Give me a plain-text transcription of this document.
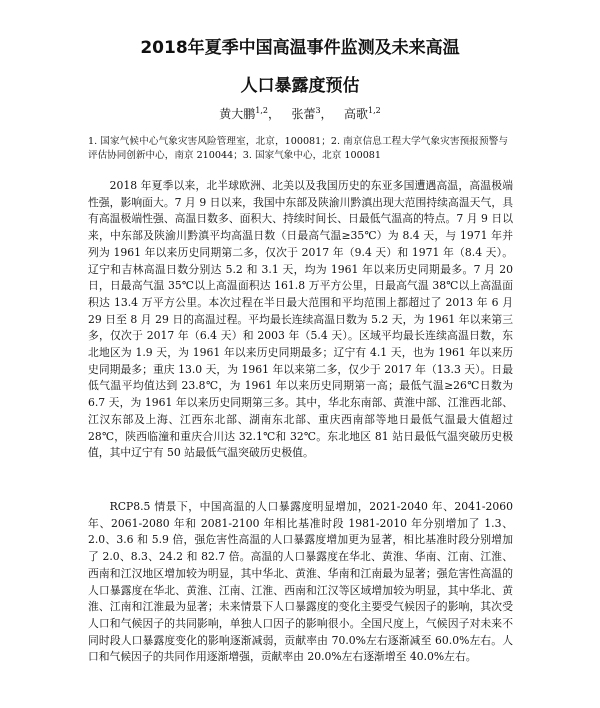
2018年夏季中国高温事件监测及未来高温
人口暴露度预估
黄大鹏$^{1,2}$， 张蕾$^3$， 高歌$^{1,2}$

1. 国家气候中心气象灾害风险管理室，北京，100081；2. 南京信息工程大学气象灾害预报预警与评估协同创新中心，南京 210044；3. 国家气象中心，北京 100081

2018 年夏季以来，北半球欧洲、北美以及我国历史的东亚多国遭遇高温，高温极端性强，影响面大。7 月 9 日以来，我国中东部及陕渝川黔滇出现大范围持续高温天气，具有高温极端性强、高温日数多、面积大、持续时间长、日最低气温高的特点。7 月 9 日以来，中东部及陕渝川黔滇平均高温日数（日最高气温≥35℃）为 8.4 天，与 1971 年并列为 1961 年以来历史同期第二多，仅次于 2017 年（9.4 天）和 1971 年（8.4 天）。辽宁和吉林高温日数分别达 5.2 和 3.1 天，均为 1961 年以来历史同期最多。7 月 20 日，日最高气温 35℃以上高温面积达 161.8 万平方公里，日最高气温 38℃以上高温面积达 13.4 万平方公里。本次过程在半日最大范围和平均范围上都超过了 2013 年 6 月 29 日至 8 月 29 日的高温过程。平均最长连续高温日数为 5.2 天，为 1961 年以来第三多，仅次于 2017 年（6.4 天）和 2003 年（5.4 天）。区域平均最长连续高温日数，东北地区为 1.9 天，为 1961 年以来历史同期最多；辽宁有 4.1 天，也为 1961 年以来历史同期最多；重庆 13.0 天，为 1961 年以来第二多，仅少于 2017 年（13.3 天）。日最低气温平均值达到 23.8℃，为 1961 年以来历史同期第一高；最低气温≥26℃日数为 6.7 天，为 1961 年以来历史同期第三多。其中，华北东南部、黄淮中部、江淮西北部、江汉东部及上海、江西东北部、湖南东北部、重庆西南部等地日最低气温最大值超过 28℃，陕西临潼和重庆合川达 32.1℃和 32℃。东北地区 81 站日最低气温突破历史极值，其中辽宁有 50 站最低气温突破历史极值。

RCP8.5 情景下，中国高温的人口暴露度明显增加，2021-2040 年、2041-2060 年、2061-2080 年和 2081-2100 年相比基准时段 1981-2010 年分别增加了 1.3、2.0、3.6 和 5.9 倍，强危害性高温的人口暴露度增加更为显著，相比基准时段分别增加了 2.0、8.3、24.2 和 82.7 倍。高温的人口暴露度在华北、黄淮、华南、江南、江淮、西南和江汉地区增加较为明显，其中华北、黄淮、华南和江南最为显著；强危害性高温的人口暴露度在华北、黄淮、江南、江淮、西南和江汉等区域增加较为明显，其中华北、黄淮、江南和江淮最为显著；未来情景下人口暴露度的变化主要受气候因子的影响，其次受人口和气候因子的共同影响，单独人口因子的影响很小。全国尺度上，气候因子对未来不同时段人口暴露度变化的影响逐渐减弱，贡献率由 70.0%左右逐渐减至 60.0%左右。人口和气候因子的共同作用逐渐增强，贡献率由 20.0%左右逐渐增至 40.0%左右。
